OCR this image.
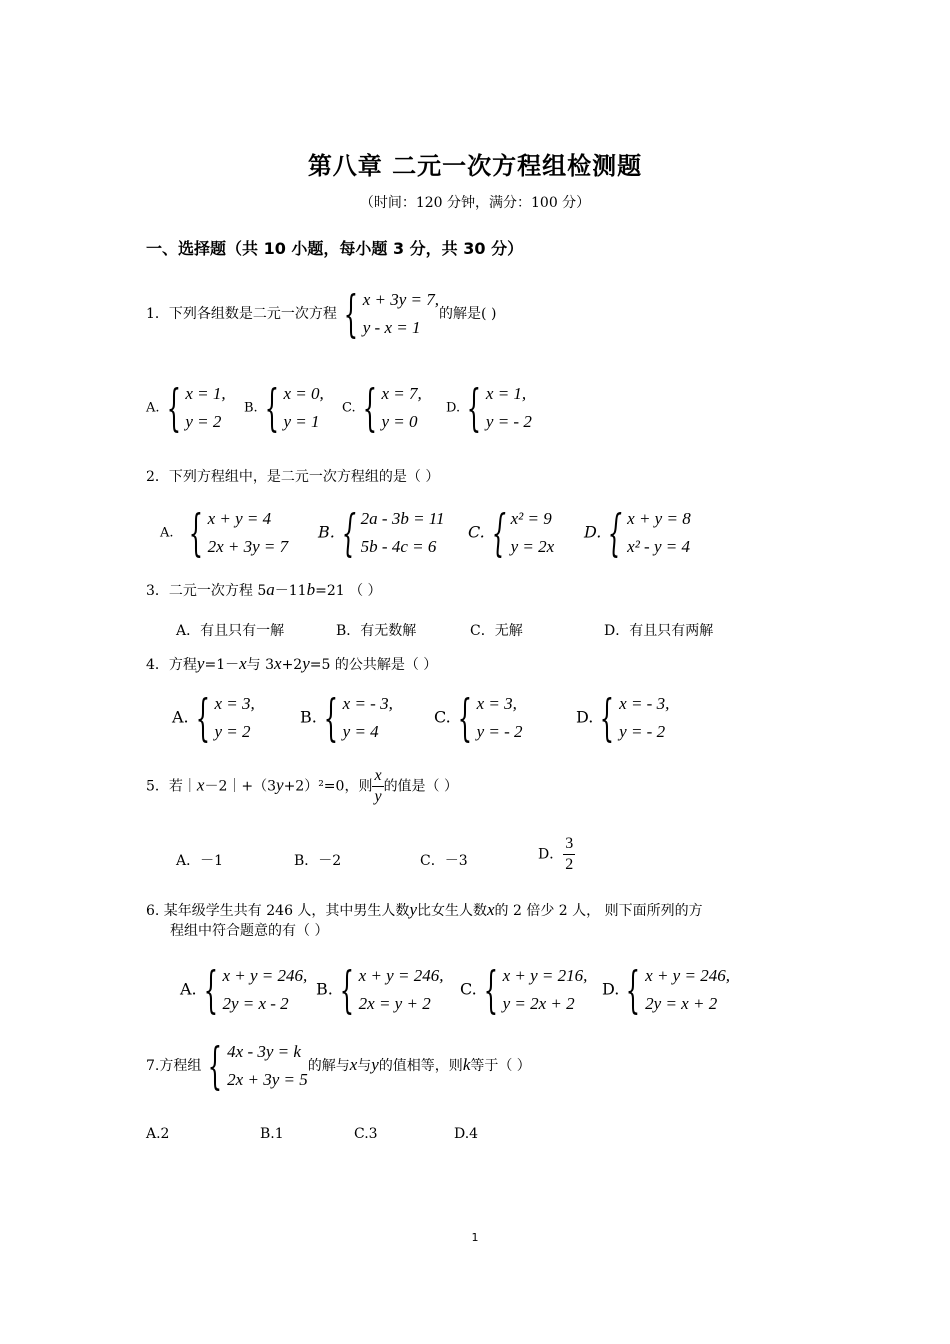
第八章 二元一次方程组检测题
（时间：120 分钟，满分：100 分）
一、选择题（共 10 小题，每小题 3 分，共 30 分）
1．下列各组数是二元一次方程 { x + 3y = 7,
y - x = 1
的解是( )
A. { x = 1,
y = 2
B. { x = 0,
y = 1
C. { x = 7,
y = 0
D. { x = 1,
y = - 2
2．下列方程组中，是二元一次方程组的是（ ）
A. { x + y = 4
2x + 3y = 7
B. { 2a - 3b = 11
5b - 4c = 6
C. { x² = 9
y = 2x
D. { x + y = 8
x² - y = 4
3．二元一次方程 5a－11b=21 （ ）
A．有且只有一解	B．有无数解	C．无解	D．有且只有两解
4．方程y=1－x与 3x+2y=5 的公共解是（ ）
A. { x = 3,
y = 2
B. { x = - 3,
y = 4
C. { x = 3,
y = - 2
D. { x = - 3,
y = - 2
5．若｜x－2｜+（3y+2）²=0，则 $\frac{x}{y}$ 的值是（ ）
A．－1	B．－2	C．－3	D． $\frac{3}{2}$
6. 某年级学生共有 246 人，其中男生人数y比女生人数x的 2 倍少 2 人， 则下面所列的方
程组中符合题意的有（ ）
A. { x + y = 246,
2y = x - 2
B. { x + y = 246,
2x = y + 2
C. { x + y = 216,
y = 2x + 2
D. { x + y = 246,
2y = x + 2
7.方程组 { 4x - 3y = k
2x + 3y = 5
的解与x与y的值相等，则k等于（ ）
A.2	B.1	C.3	D.4
1
